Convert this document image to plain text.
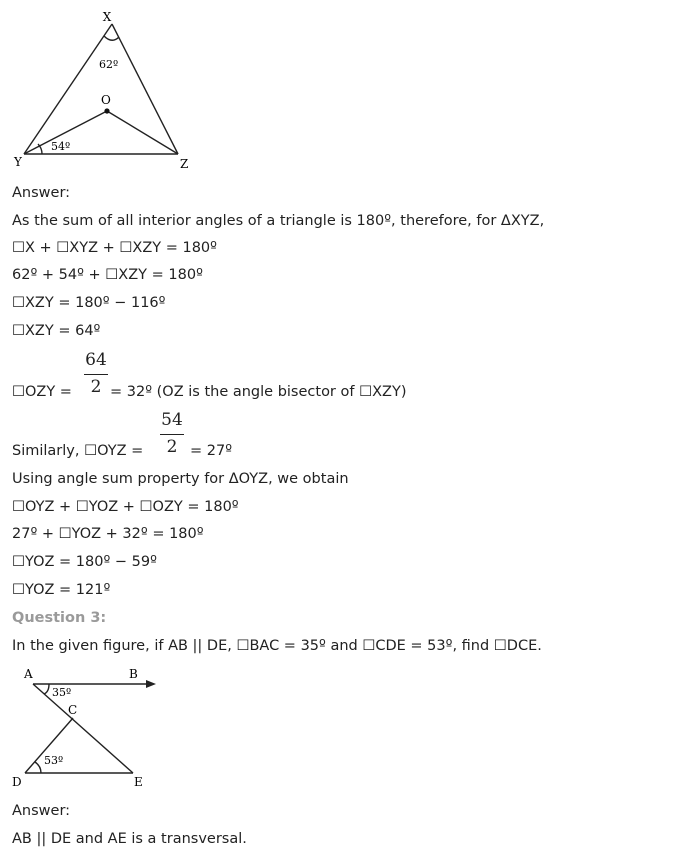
X
Y	Z
O
62º
54º
Answer:
As the sum of all interior angles of a triangle is 180º, therefore, for ΔXYZ,
☐X + ☐XYZ + ☐XZY = 180º
62º + 54º + ☐XZY = 180º
☐XZY = 180º − 116º
☐XZY = 64º
☐OZY =
64
2 = 32º (OZ is the angle bisector of ☐XZY)
Similarly, ☐OYZ =
54
2 = 27º
Using angle sum property for ΔOYZ, we obtain
☐OYZ + ☐YOZ + ☐OZY = 180º
27º + ☐YOZ + 32º = 180º
☐YOZ = 180º − 59º
☐YOZ = 121º
Question 3:
In the given figure, if AB || DE, ☐BAC = 35º and ☐CDE = 53º, find ☐DCE.
A	B
C
D	E
35º
53º
Answer:
AB || DE and AE is a transversal.
